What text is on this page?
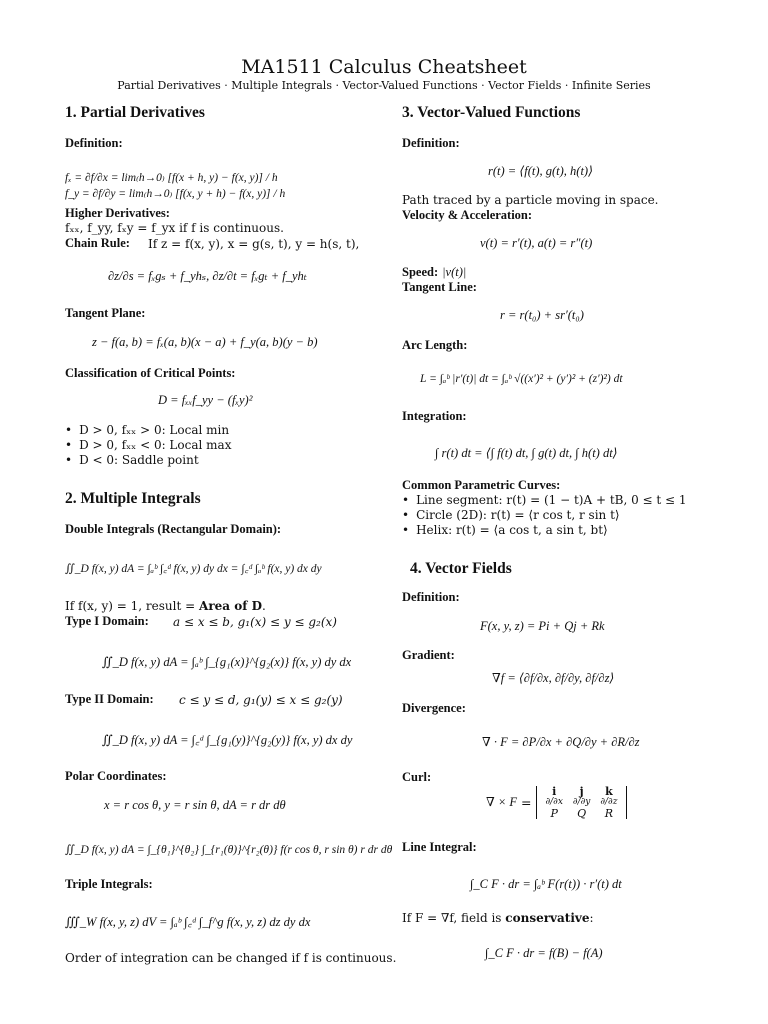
MA1511 Calculus Cheatsheet
Partial Derivatives · Multiple Integrals · Vector-Valued Functions · Vector Fields · Infinite Series
1. Partial Derivatives
Definition:
fₓ = ∂f/∂x = lim₍h→0₎ [f(x + h, y) − f(x, y)] / h
f_y = ∂f/∂y = lim₍h→0₎ [f(x, y + h) − f(x, y)] / h
Higher Derivatives:
fₓₓ, f_yy, fₓy = f_yx if f is continuous.
Chain Rule: If z = f(x, y), x = g(s, t), y = h(s, t),
∂z/∂s = fₓgₛ + f_yhₛ, ∂z/∂t = fₓgₜ + f_yhₜ
Tangent Plane:
z − f(a, b) = fₓ(a, b)(x − a) + f_y(a, b)(y − b)
Classification of Critical Points:
D = fₓₓf_yy − (fₓy)²
• D > 0, fₓₓ > 0: Local min
• D > 0, fₓₓ < 0: Local max
• D < 0: Saddle point
2. Multiple Integrals
Double Integrals (Rectangular Domain):
∬_D f(x, y) dA = ∫ₐᵇ ∫꜀ᵈ f(x, y) dy dx = ∫꜀ᵈ ∫ₐᵇ f(x, y) dx dy
If f(x, y) = 1, result = Area of D.
Type I Domain: a ≤ x ≤ b, g₁(x) ≤ y ≤ g₂(x)
∬_D f(x, y) dA = ∫ₐᵇ ∫_{g₁(x)}^{g₂(x)} f(x, y) dy dx
Type II Domain: c ≤ y ≤ d, g₁(y) ≤ x ≤ g₂(y)
∬_D f(x, y) dA = ∫꜀ᵈ ∫_{g₁(y)}^{g₂(y)} f(x, y) dx dy
Polar Coordinates:
x = r cos θ, y = r sin θ, dA = r dr dθ
∬_D f(x, y) dA = ∫_{θ₁}^{θ₂} ∫_{r₁(θ)}^{r₂(θ)} f(r cos θ, r sin θ) r dr dθ
Triple Integrals:
∭_W f(x, y, z) dV = ∫ₐᵇ ∫꜀ᵈ ∫_f^g f(x, y, z) dz dy dx
Order of integration can be changed if f is continuous.
3. Vector-Valued Functions
Definition:
r(t) = ⟨f(t), g(t), h(t)⟩
Path traced by a particle moving in space.
Velocity & Acceleration:
v(t) = r′(t), a(t) = r″(t)
Speed: |v(t)|
Tangent Line:
r = r(t₀) + sr′(t₀)
Arc Length:
L = ∫ₐᵇ |r′(t)| dt = ∫ₐᵇ √((x′)² + (y′)² + (z′)²) dt
Integration:
∫ r(t) dt = ⟨∫ f(t) dt, ∫ g(t) dt, ∫ h(t) dt⟩
Common Parametric Curves:
• Line segment: r(t) = (1 − t)A + tB, 0 ≤ t ≤ 1
• Circle (2D): r(t) = ⟨r cos t, r sin t⟩
• Helix: r(t) = ⟨a cos t, a sin t, bt⟩
4. Vector Fields
Definition:
F(x, y, z) = Pi + Qj + Rk
Gradient:
∇f = ⟨∂f/∂x, ∂f/∂y, ∂f/∂z⟩
Divergence:
∇ · F = ∂P/∂x + ∂Q/∂y + ∂R/∂z
Curl:
∇ × F = i	j	k
∂/∂x	∂/∂y	∂/∂z
P	Q	R
Line Integral:
∫_C F · dr = ∫ₐᵇ F(r(t)) · r′(t) dt
If F = ∇f, field is conservative:
∫_C F · dr = f(B) − f(A)
